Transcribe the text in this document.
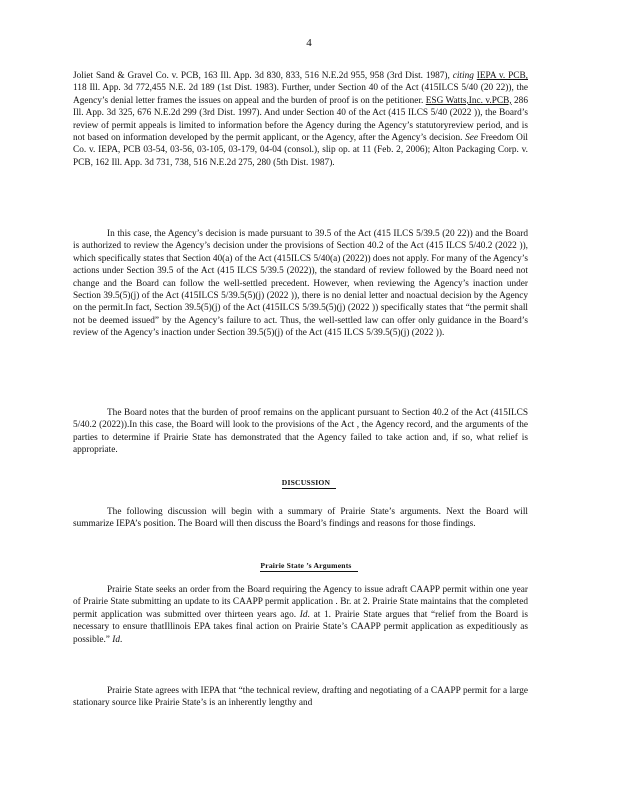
4

Joliet Sand & Gravel Co. v. PCB, 163 Ill. App. 3d 830, 833, 516 N.E.2d 955, 958 (3rd Dist. 1987), citing IEPA v. PCB, 118 Ill. App. 3d 772,455 N.E. 2d 189 (1st Dist. 1983). Further, under Section 40 of the Act (415ILCS 5/40 (20 22)), the Agency’s denial letter frames the issues on appeal and the burden of proof is on the petitioner. ESG Watts,Inc. v.PCB, 286 Ill. App. 3d 325, 676 N.E.2d 299 (3rd Dist. 1997). And under Section 40 of the Act (415 ILCS 5/40 (2022 )), the Board’s review of permit appeals is limited to information before the Agency during the Agency’s statutoryreview period, and is not based on information developed by the permit applicant, or the Agency, after the Agency’s decision. See Freedom Oil Co. v. IEPA, PCB 03-54, 03-56, 03-105, 03-179, 04-04 (consol.), slip op. at 11 (Feb. 2, 2006); Alton Packaging Corp. v. PCB, 162 Ill. App. 3d 731, 738, 516 N.E.2d 275, 280 (5th Dist. 1987).

In this case, the Agency’s decision is made pursuant to 39.5 of the Act (415 ILCS 5/39.5 (20 22)) and the Board is authorized to review the Agency’s decision under the provisions of Section 40.2 of the Act (415 ILCS 5/40.2 (2022 )), which specifically states that Section 40(a) of the Act (415ILCS 5/40(a) (2022)) does not apply. For many of the Agency’s actions under Section 39.5 of the Act (415 ILCS 5/39.5 (2022)), the standard of review followed by the Board need not change and the Board can follow the well-settled precedent. However, when reviewing the Agency’s inaction under Section 39.5(5)(j) of the Act (415ILCS 5/39.5(5)(j) (2022 )), there is no denial letter and noactual decision by the Agency on the permit.In fact, Section 39.5(5)(j) of the Act (415ILCS 5/39.5(5)(j) (2022 )) specifically states that “the permit shall not be deemed issued” by the Agency’s failure to act. Thus, the well-settled law can offer only guidance in the Board’s review of the Agency’s inaction under Section 39.5(5)(j) of the Act (415 ILCS 5/39.5(5)(j) (2022 )).

The Board notes that the burden of proof remains on the applicant pursuant to Section 40.2 of the Act (415ILCS 5/40.2 (2022)).In this case, the Board will look to the provisions of the Act , the Agency record, and the arguments of the parties to determine if Prairie State has demonstrated that the Agency failed to take action and, if so, what relief is appropriate.

DISCUSSION

The following discussion will begin with a summary of Prairie State’s arguments. Next the Board will summarize IEPA’s position. The Board will then discuss the Board’s findings and reasons for those findings.

Prairie State ’s Arguments

Prairie State seeks an order from the Board requiring the Agency to issue adraft CAAPP permit within one year of Prairie State submitting an update to its CAAPP permit application . Br. at 2. Prairie State maintains that the completed permit application was submitted over thirteen years ago. Id. at 1. Prairie State argues that “relief from the Board is necessary to ensure thatIllinois EPA takes final action on Prairie State’s CAAPP permit application as expeditiously as possible.” Id.

Prairie State agrees with IEPA that “the technical review, drafting and negotiating of a CAAPP permit for a large stationary source like Prairie State’s is an inherently lengthy and
